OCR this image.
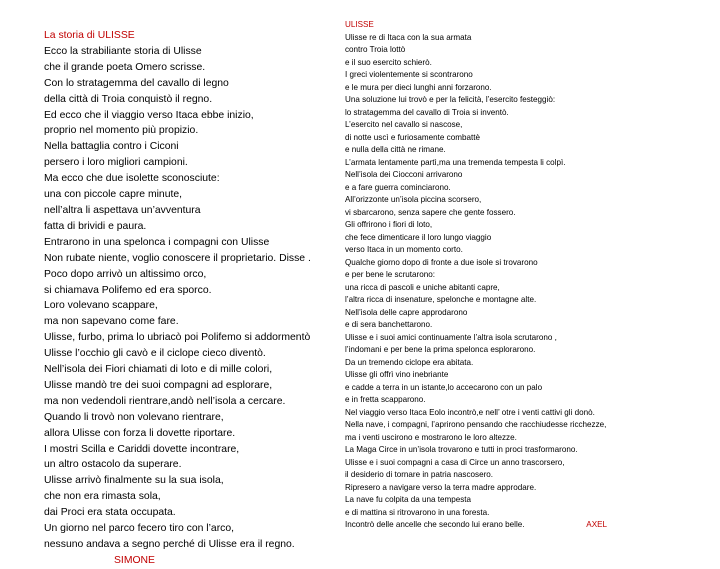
La storia di ULISSE
Ecco la strabiliante storia di Ulisse
che il grande poeta Omero scrisse.
Con lo stratagemma del cavallo di legno
della città di Troia conquistò il regno.
Ed ecco che il viaggio verso Itaca ebbe inizio,
proprio nel momento più propizio.
Nella battaglia contro i Ciconi
persero i loro migliori campioni.
Ma ecco che due isolette sconosciute:
una con piccole capre minute,
nell’altra li aspettava un’avventura
fatta di brividi e paura.
Entrarono in una spelonca i compagni con Ulisse
Non rubate niente, voglio conoscere il proprietario. Disse .
Poco dopo arrivò un altissimo orco,
si chiamava Polifemo ed era sporco.
Loro volevano scappare,
ma non sapevano come fare.
Ulisse, furbo, prima lo ubriacò poi Polifemo si addormentò
Ulisse l’occhio gli cavò e il ciclope cieco diventò.
Nell’isola dei Fiori chiamati di loto e di mille colori,
Ulisse mandò tre dei suoi compagni ad esplorare,
ma non vedendoli rientrare,andò nell’isola a cercare.
Quando li trovò non volevano rientrare,
allora Ulisse con forza li dovette riportare.
I mostri Scilla e Cariddi dovette incontrare,
un altro ostacolo da superare.
Ulisse arrivò finalmente su la sua isola,
che non era rimasta sola,
dai Proci era stata occupata.
Un giorno nel parco fecero tiro con l’arco,
nessuno andava a segno perché di Ulisse era il regno.
SIMONE
ULISSE
Ulisse re di Itaca con la sua armata
contro Troia lottò
e il suo esercito schierò.
I greci violentemente si scontrarono
e le mura per dieci lunghi anni forzarono.
Una soluzione lui trovò e per la felicità, l’esercito festeggiò:
lo stratagemma del cavallo di Troia si inventò.
L’esercito nel cavallo si nascose,
di notte uscì e furiosamente combattè
e nulla della città ne rimane.
L’armata lentamente partì,ma una tremenda tempesta li colpì.
Nell’isola dei Ciocconi arrivarono
e a fare guerra cominciarono.
All’orizzonte un’isola piccina scorsero,
vi sbarcarono, senza sapere che gente fossero.
Gli offrirono i fiori di loto,
che fece dimenticare il loro lungo viaggio
verso Itaca in un momento corto.
Qualche giorno dopo di fronte a due isole si trovarono
e per bene le scrutarono:
una ricca di pascoli e uniche abitanti capre,
l’altra ricca di insenature, spelonche e montagne alte.
Nell’isola delle capre approdarono
e di sera banchettarono.
Ulisse e i suoi amici continuamente l’altra isola scrutarono ,
l’indomani e per bene la prima spelonca esplorarono.
Da un tremendo ciclope era abitata.
Ulisse gli offrì vino inebriante
e cadde a terra in un istante,lo accecarono con un palo
e in fretta scapparono.
Nel viaggio verso Itaca Eolo incontrò,e nell’ otre i venti cattivi gli donò.
Nella nave, i compagni, l’aprirono pensando che racchiudesse ricchezze,
ma i venti uscirono e mostrarono le loro altezze.
La Maga Circe in un’isola trovarono e tutti in proci trasformarono.
Ulisse e i suoi compagni a casa di Circe un anno trascorsero,
il desiderio di tornare in patria nascosero.
Ripresero a navigare verso la terra madre approdare.
La nave fu colpita da una tempesta
e di mattina si ritrovarono in una foresta.
Incontrò delle ancelle che secondo lui erano belle.	AXEL
